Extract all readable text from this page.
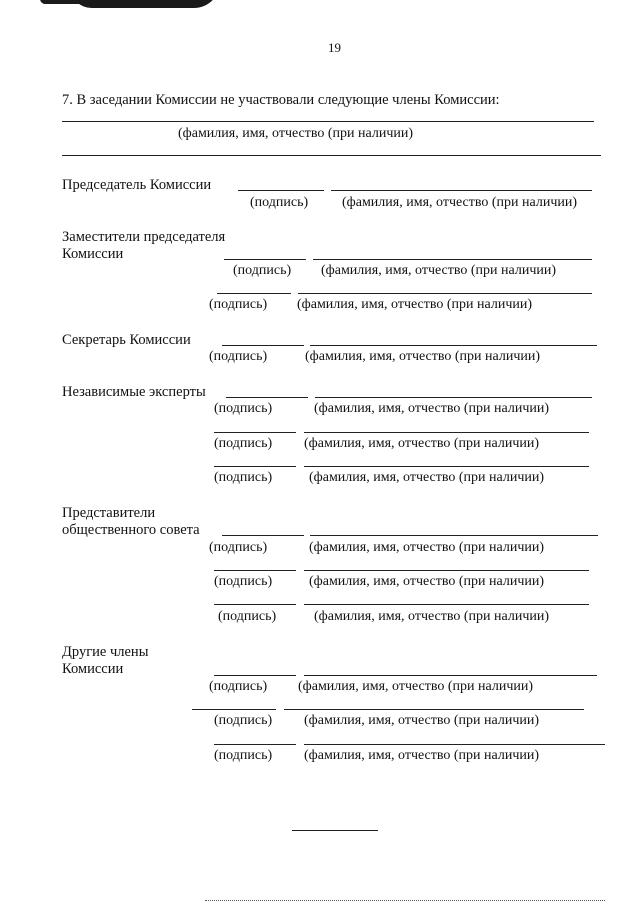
19
7. В заседании Комиссии не участвовали следующие члены Комиссии:
(фамилия, имя, отчество (при наличии)
Председатель Комиссии
(подпись) (фамилия, имя, отчество (при наличии)
Заместители председателя
Комиссии
(подпись) (фамилия, имя, отчество (при наличии)
(подпись) (фамилия, имя, отчество (при наличии)
Секретарь Комиссии
(подпись)	(фамилия, имя, отчество (при наличии)
Независимые эксперты
(подпись)	(фамилия, имя, отчество (при наличии)
(подпись) (фамилия, имя, отчество (при наличии)
(подпись)	(фамилия, имя, отчество (при наличии)
Представители
общественного совета
(подпись)	(фамилия, имя, отчество (при наличии)
(подпись)	(фамилия, имя, отчество (при наличии)
(подпись)	(фамилия, имя, отчество (при наличии)
Другие члены
Комиссии
(подпись) (фамилия, имя, отчество (при наличии)
(подпись) (фамилия, имя, отчество (при наличии)
(подпись) (фамилия, имя, отчество (при наличии)
